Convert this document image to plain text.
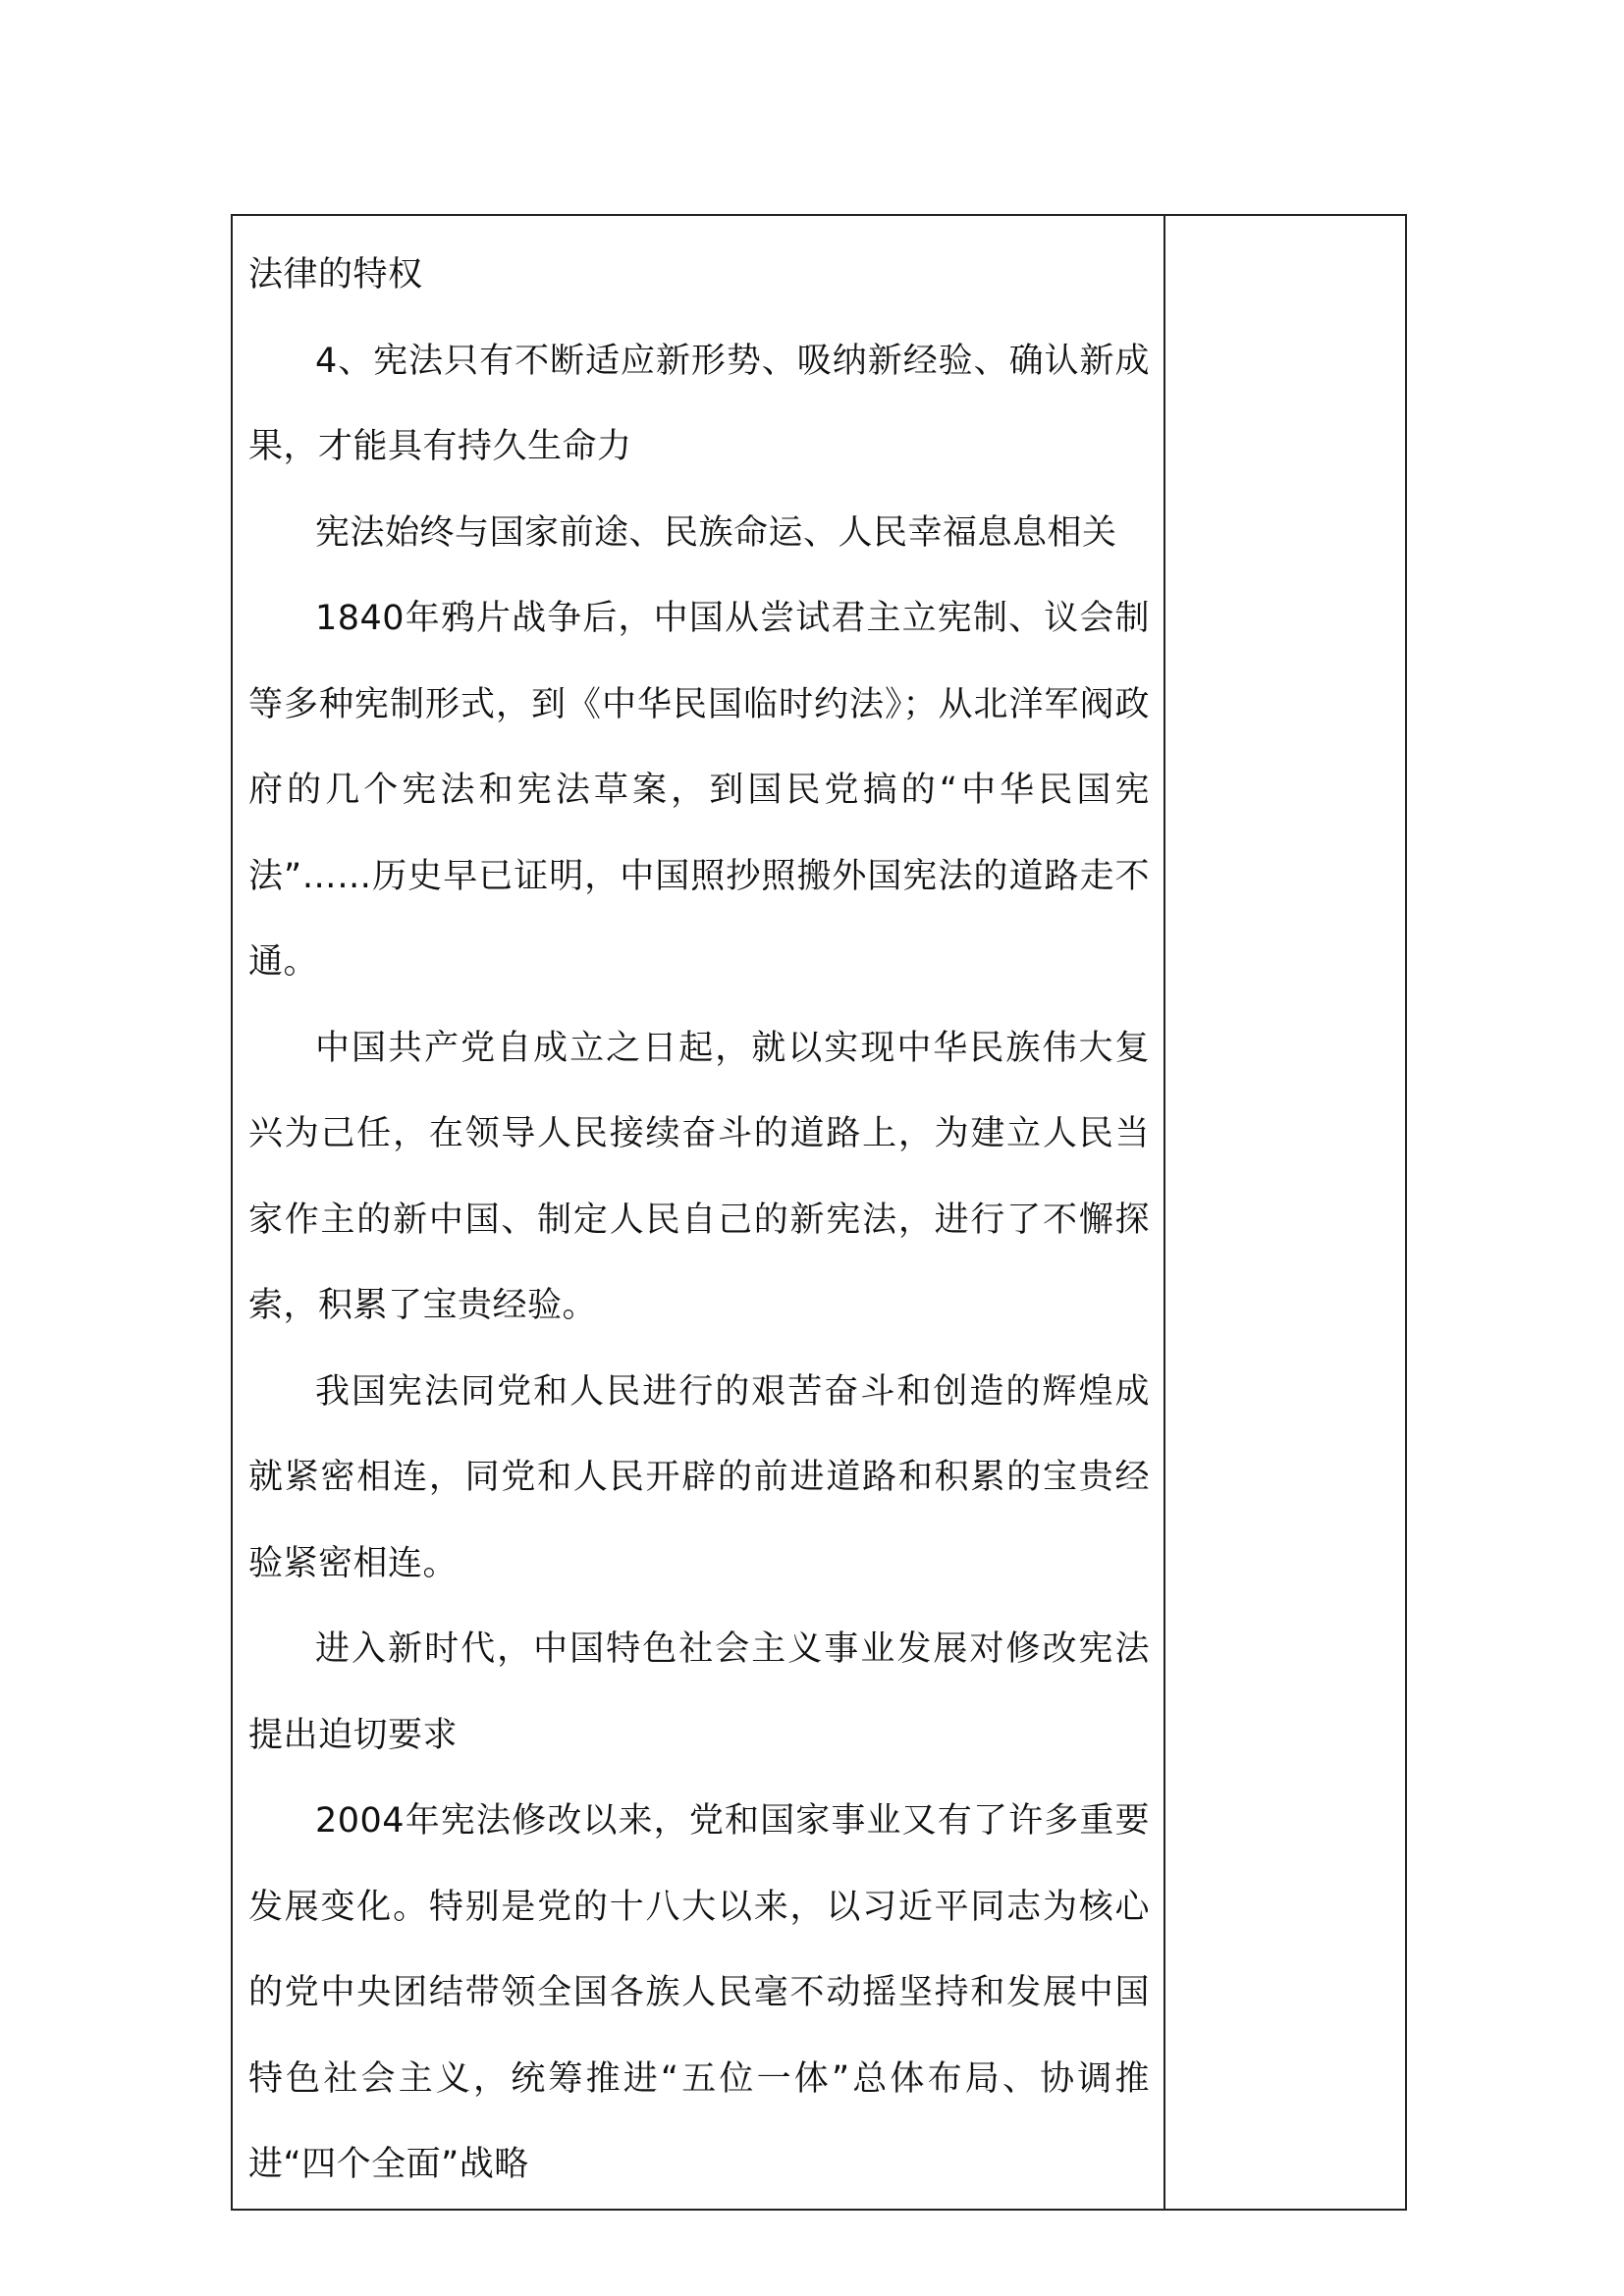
法律的特权

4、宪法只有不断适应新形势、吸纳新经验、确认新成果，才能具有持久生命力

宪法始终与国家前途、民族命运、人民幸福息息相关

1840年鸦片战争后，中国从尝试君主立宪制、议会制等多种宪制形式，到《中华民国临时约法》；从北洋军阀政府的几个宪法和宪法草案，到国民党搞的“中华民国宪法”……历史早已证明，中国照抄照搬外国宪法的道路走不通。

中国共产党自成立之日起，就以实现中华民族伟大复兴为己任，在领导人民接续奋斗的道路上，为建立人民当家作主的新中国、制定人民自己的新宪法，进行了不懈探索，积累了宝贵经验。

我国宪法同党和人民进行的艰苦奋斗和创造的辉煌成就紧密相连，同党和人民开辟的前进道路和积累的宝贵经验紧密相连。

进入新时代，中国特色社会主义事业发展对修改宪法提出迫切要求

2004年宪法修改以来，党和国家事业又有了许多重要发展变化。特别是党的十八大以来，以习近平同志为核心的党中央团结带领全国各族人民毫不动摇坚持和发展中国特色社会主义，统筹推进“五位一体”总体布局、协调推进“四个全面”战略
